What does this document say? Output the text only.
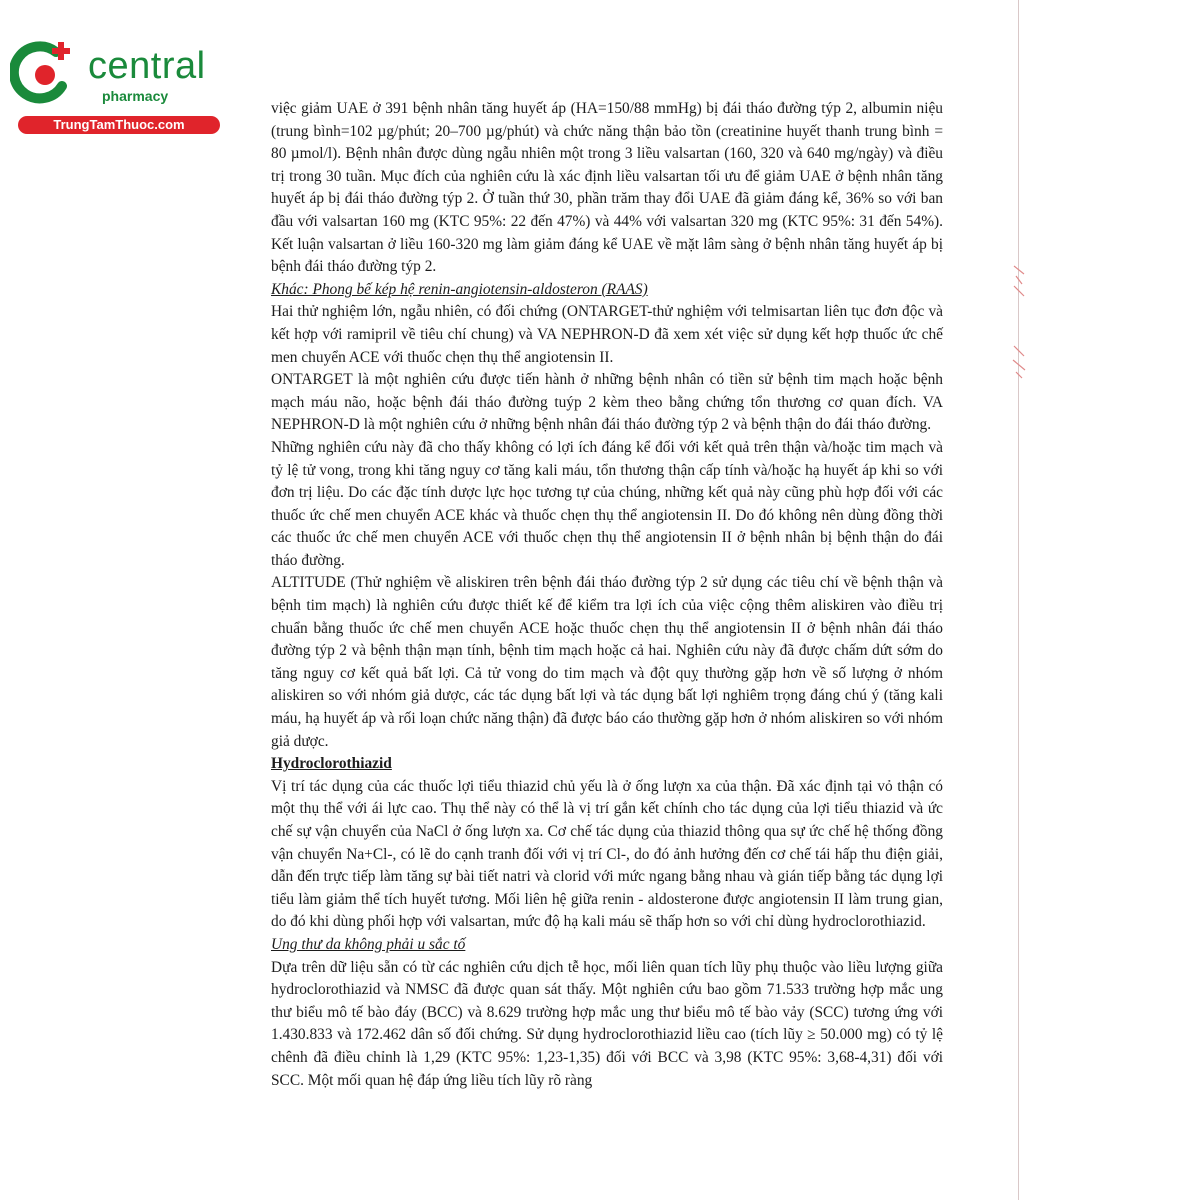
central
pharmacy
TrungTamThuoc.com

việc giảm UAE ở 391 bệnh nhân tăng huyết áp (HA=150/88 mmHg) bị đái tháo đường týp 2, albumin niệu (trung bình=102 µg/phút; 20–700 µg/phút) và chức năng thận bảo tồn (creatinine huyết thanh trung bình = 80 µmol/l). Bệnh nhân được dùng ngẫu nhiên một trong 3 liều valsartan (160, 320 và 640 mg/ngày) và điều trị trong 30 tuần. Mục đích của nghiên cứu là xác định liều valsartan tối ưu để giảm UAE ở bệnh nhân tăng huyết áp bị đái tháo đường týp 2. Ở tuần thứ 30, phần trăm thay đổi UAE đã giảm đáng kể, 36% so với ban đầu với valsartan 160 mg (KTC 95%: 22 đến 47%) và 44% với valsartan 320 mg (KTC 95%: 31 đến 54%). Kết luận valsartan ở liều 160-320 mg làm giảm đáng kể UAE về mặt lâm sàng ở bệnh nhân tăng huyết áp bị bệnh đái tháo đường týp 2.

Khác: Phong bế kép hệ renin-angiotensin-aldosteron (RAAS)

Hai thử nghiệm lớn, ngẫu nhiên, có đối chứng (ONTARGET-thử nghiệm với telmisartan liên tục đơn độc và kết hợp với ramipril về tiêu chí chung) và VA NEPHRON-D đã xem xét việc sử dụng kết hợp thuốc ức chế men chuyển ACE với thuốc chẹn thụ thể angiotensin II.

ONTARGET là một nghiên cứu được tiến hành ở những bệnh nhân có tiền sử bệnh tim mạch hoặc bệnh mạch máu não, hoặc bệnh đái tháo đường tuýp 2 kèm theo bằng chứng tổn thương cơ quan đích. VA NEPHRON-D là một nghiên cứu ở những bệnh nhân đái tháo đường týp 2 và bệnh thận do đái tháo đường.

Những nghiên cứu này đã cho thấy không có lợi ích đáng kể đối với kết quả trên thận và/hoặc tim mạch và tỷ lệ tử vong, trong khi tăng nguy cơ tăng kali máu, tổn thương thận cấp tính và/hoặc hạ huyết áp khi so với đơn trị liệu. Do các đặc tính dược lực học tương tự của chúng, những kết quả này cũng phù hợp đối với các thuốc ức chế men chuyển ACE khác và thuốc chẹn thụ thể angiotensin II. Do đó không nên dùng đồng thời các thuốc ức chế men chuyển ACE với thuốc chẹn thụ thể angiotensin II ở bệnh nhân bị bệnh thận do đái tháo đường.

ALTITUDE (Thử nghiệm về aliskiren trên bệnh đái tháo đường týp 2 sử dụng các tiêu chí về bệnh thận và bệnh tim mạch) là nghiên cứu được thiết kế để kiểm tra lợi ích của việc cộng thêm aliskiren vào điều trị chuẩn bằng thuốc ức chế men chuyển ACE hoặc thuốc chẹn thụ thể angiotensin II ở bệnh nhân đái tháo đường týp 2 và bệnh thận mạn tính, bệnh tim mạch hoặc cả hai. Nghiên cứu này đã được chấm dứt sớm do tăng nguy cơ kết quả bất lợi. Cả tử vong do tim mạch và đột quỵ thường gặp hơn về số lượng ở nhóm aliskiren so với nhóm giả dược, các tác dụng bất lợi và tác dụng bất lợi nghiêm trọng đáng chú ý (tăng kali máu, hạ huyết áp và rối loạn chức năng thận) đã được báo cáo thường gặp hơn ở nhóm aliskiren so với nhóm giả dược.

Hydroclorothiazid

Vị trí tác dụng của các thuốc lợi tiểu thiazid chủ yếu là ở ống lượn xa của thận. Đã xác định tại vỏ thận có một thụ thể với ái lực cao. Thụ thể này có thể là vị trí gắn kết chính cho tác dụng của lợi tiểu thiazid và ức chế sự vận chuyển của NaCl ở ống lượn xa. Cơ chế tác dụng của thiazid thông qua sự ức chế hệ thống đồng vận chuyển Na+Cl-, có lẽ do cạnh tranh đối với vị trí Cl-, do đó ảnh hưởng đến cơ chế tái hấp thu điện giải, dẫn đến trực tiếp làm tăng sự bài tiết natri và clorid với mức ngang bằng nhau và gián tiếp bằng tác dụng lợi tiểu làm giảm thể tích huyết tương. Mối liên hệ giữa renin - aldosterone được angiotensin II làm trung gian, do đó khi dùng phối hợp với valsartan, mức độ hạ kali máu sẽ thấp hơn so với chỉ dùng hydroclorothiazid.

Ung thư da không phải u sắc tố

Dựa trên dữ liệu sẵn có từ các nghiên cứu dịch tễ học, mối liên quan tích lũy phụ thuộc vào liều lượng giữa hydroclorothiazid và NMSC đã được quan sát thấy. Một nghiên cứu bao gồm 71.533 trường hợp mắc ung thư biểu mô tế bào đáy (BCC) và 8.629 trường hợp mắc ung thư biểu mô tế bào vảy (SCC) tương ứng với 1.430.833 và 172.462 dân số đối chứng. Sử dụng hydroclorothiazid liều cao (tích lũy ≥ 50.000 mg) có tỷ lệ chênh đã điều chỉnh là 1,29 (KTC 95%: 1,23-1,35) đối với BCC và 3,98 (KTC 95%: 3,68-4,31) đối với SCC. Một mối quan hệ đáp ứng liều tích lũy rõ ràng
